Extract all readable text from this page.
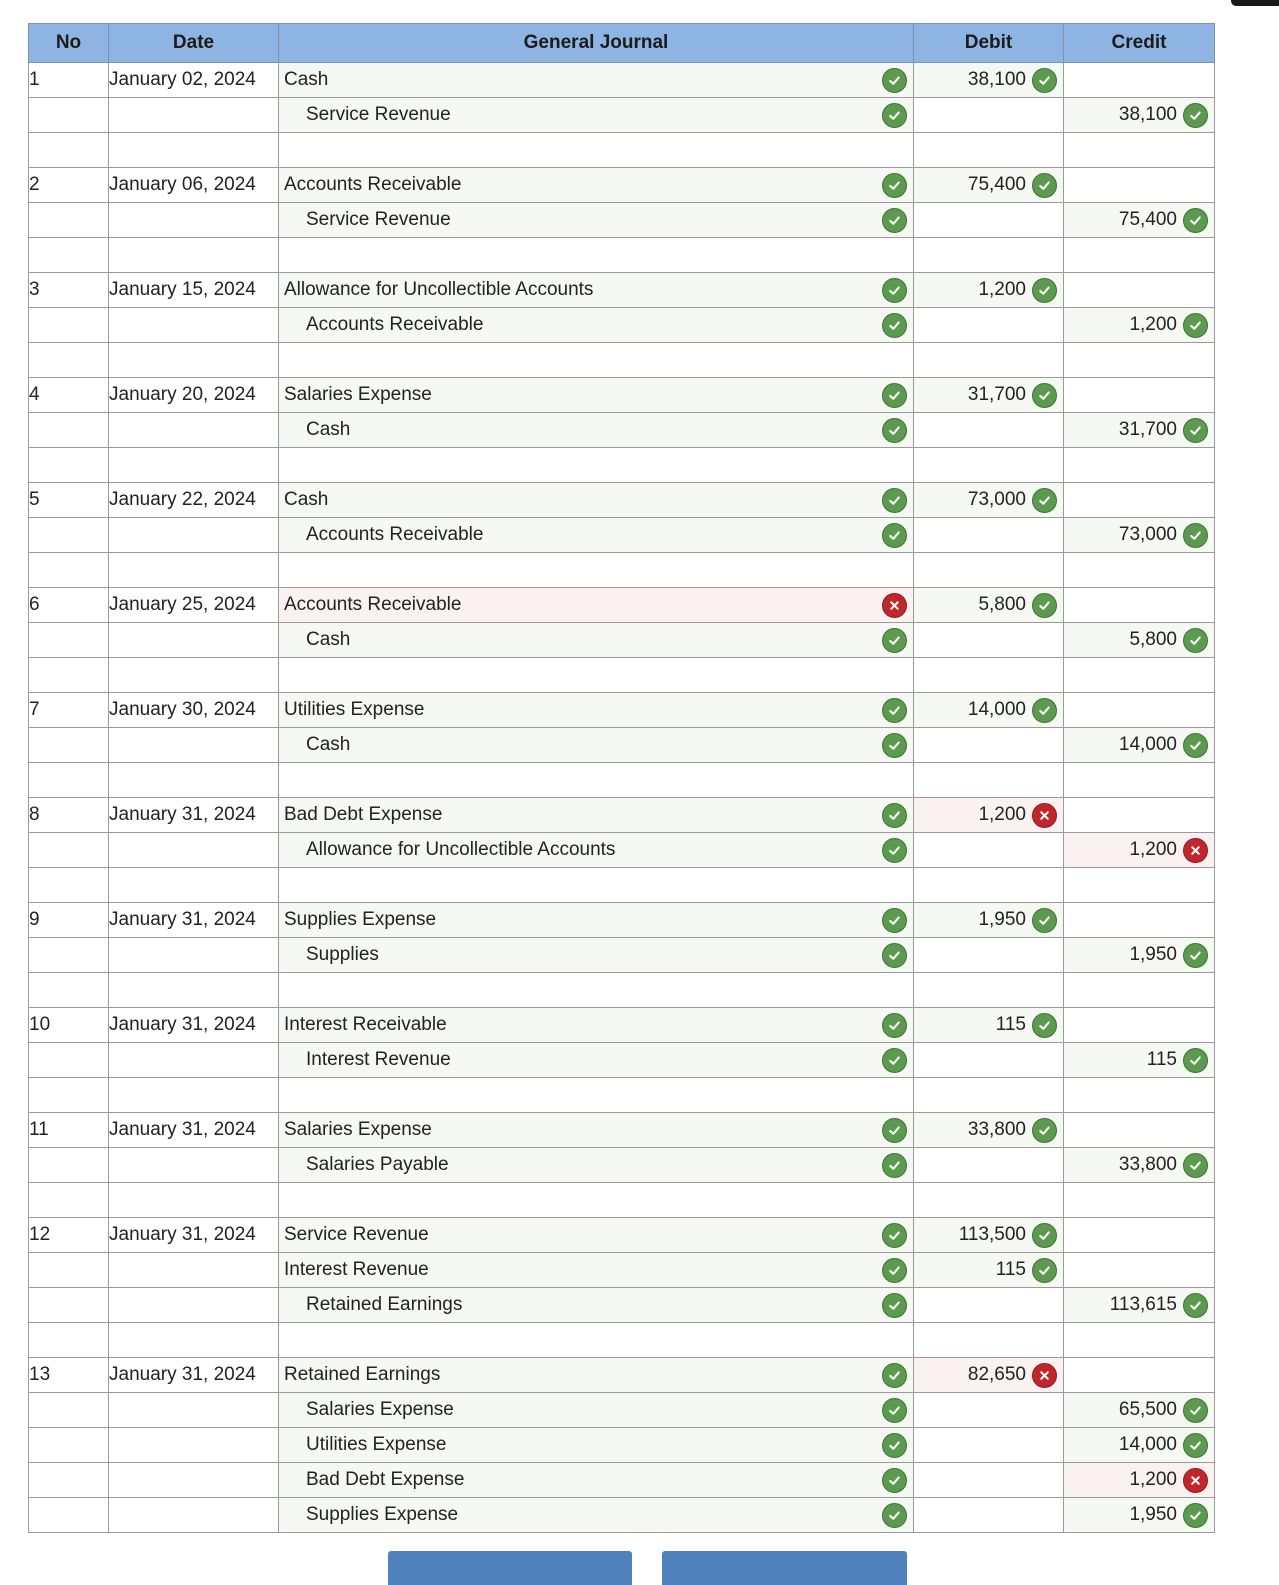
No	Date	General Journal	Debit	Credit
1	January 02, 2024	Cash	38,100	

		Service Revenue		38,100

2	January 06, 2024	Accounts Receivable	75,400	

		Service Revenue		75,400

3	January 15, 2024	Allowance for Uncollectible Accounts	1,200	

		Accounts Receivable		1,200

4	January 20, 2024	Salaries Expense	31,700	

		Cash		31,700

5	January 22, 2024	Cash	73,000	

		Accounts Receivable		73,000

6	January 25, 2024	Accounts Receivable	5,800	

		Cash		5,800

7	January 30, 2024	Utilities Expense	14,000	

		Cash		14,000

8	January 31, 2024	Bad Debt Expense	1,200	

		Allowance for Uncollectible Accounts		1,200

9	January 31, 2024	Supplies Expense	1,950	

		Supplies		1,950

10	January 31, 2024	Interest Receivable	115	

		Interest Revenue		115

11	January 31, 2024	Salaries Expense	33,800	

		Salaries Payable		33,800

12	January 31, 2024	Service Revenue	113,500	

		Interest Revenue	115	

		Retained Earnings		113,615

13	January 31, 2024	Retained Earnings	82,650	

		Salaries Expense		65,500

		Utilities Expense		14,000

		Bad Debt Expense		1,200

		Supplies Expense		1,950
